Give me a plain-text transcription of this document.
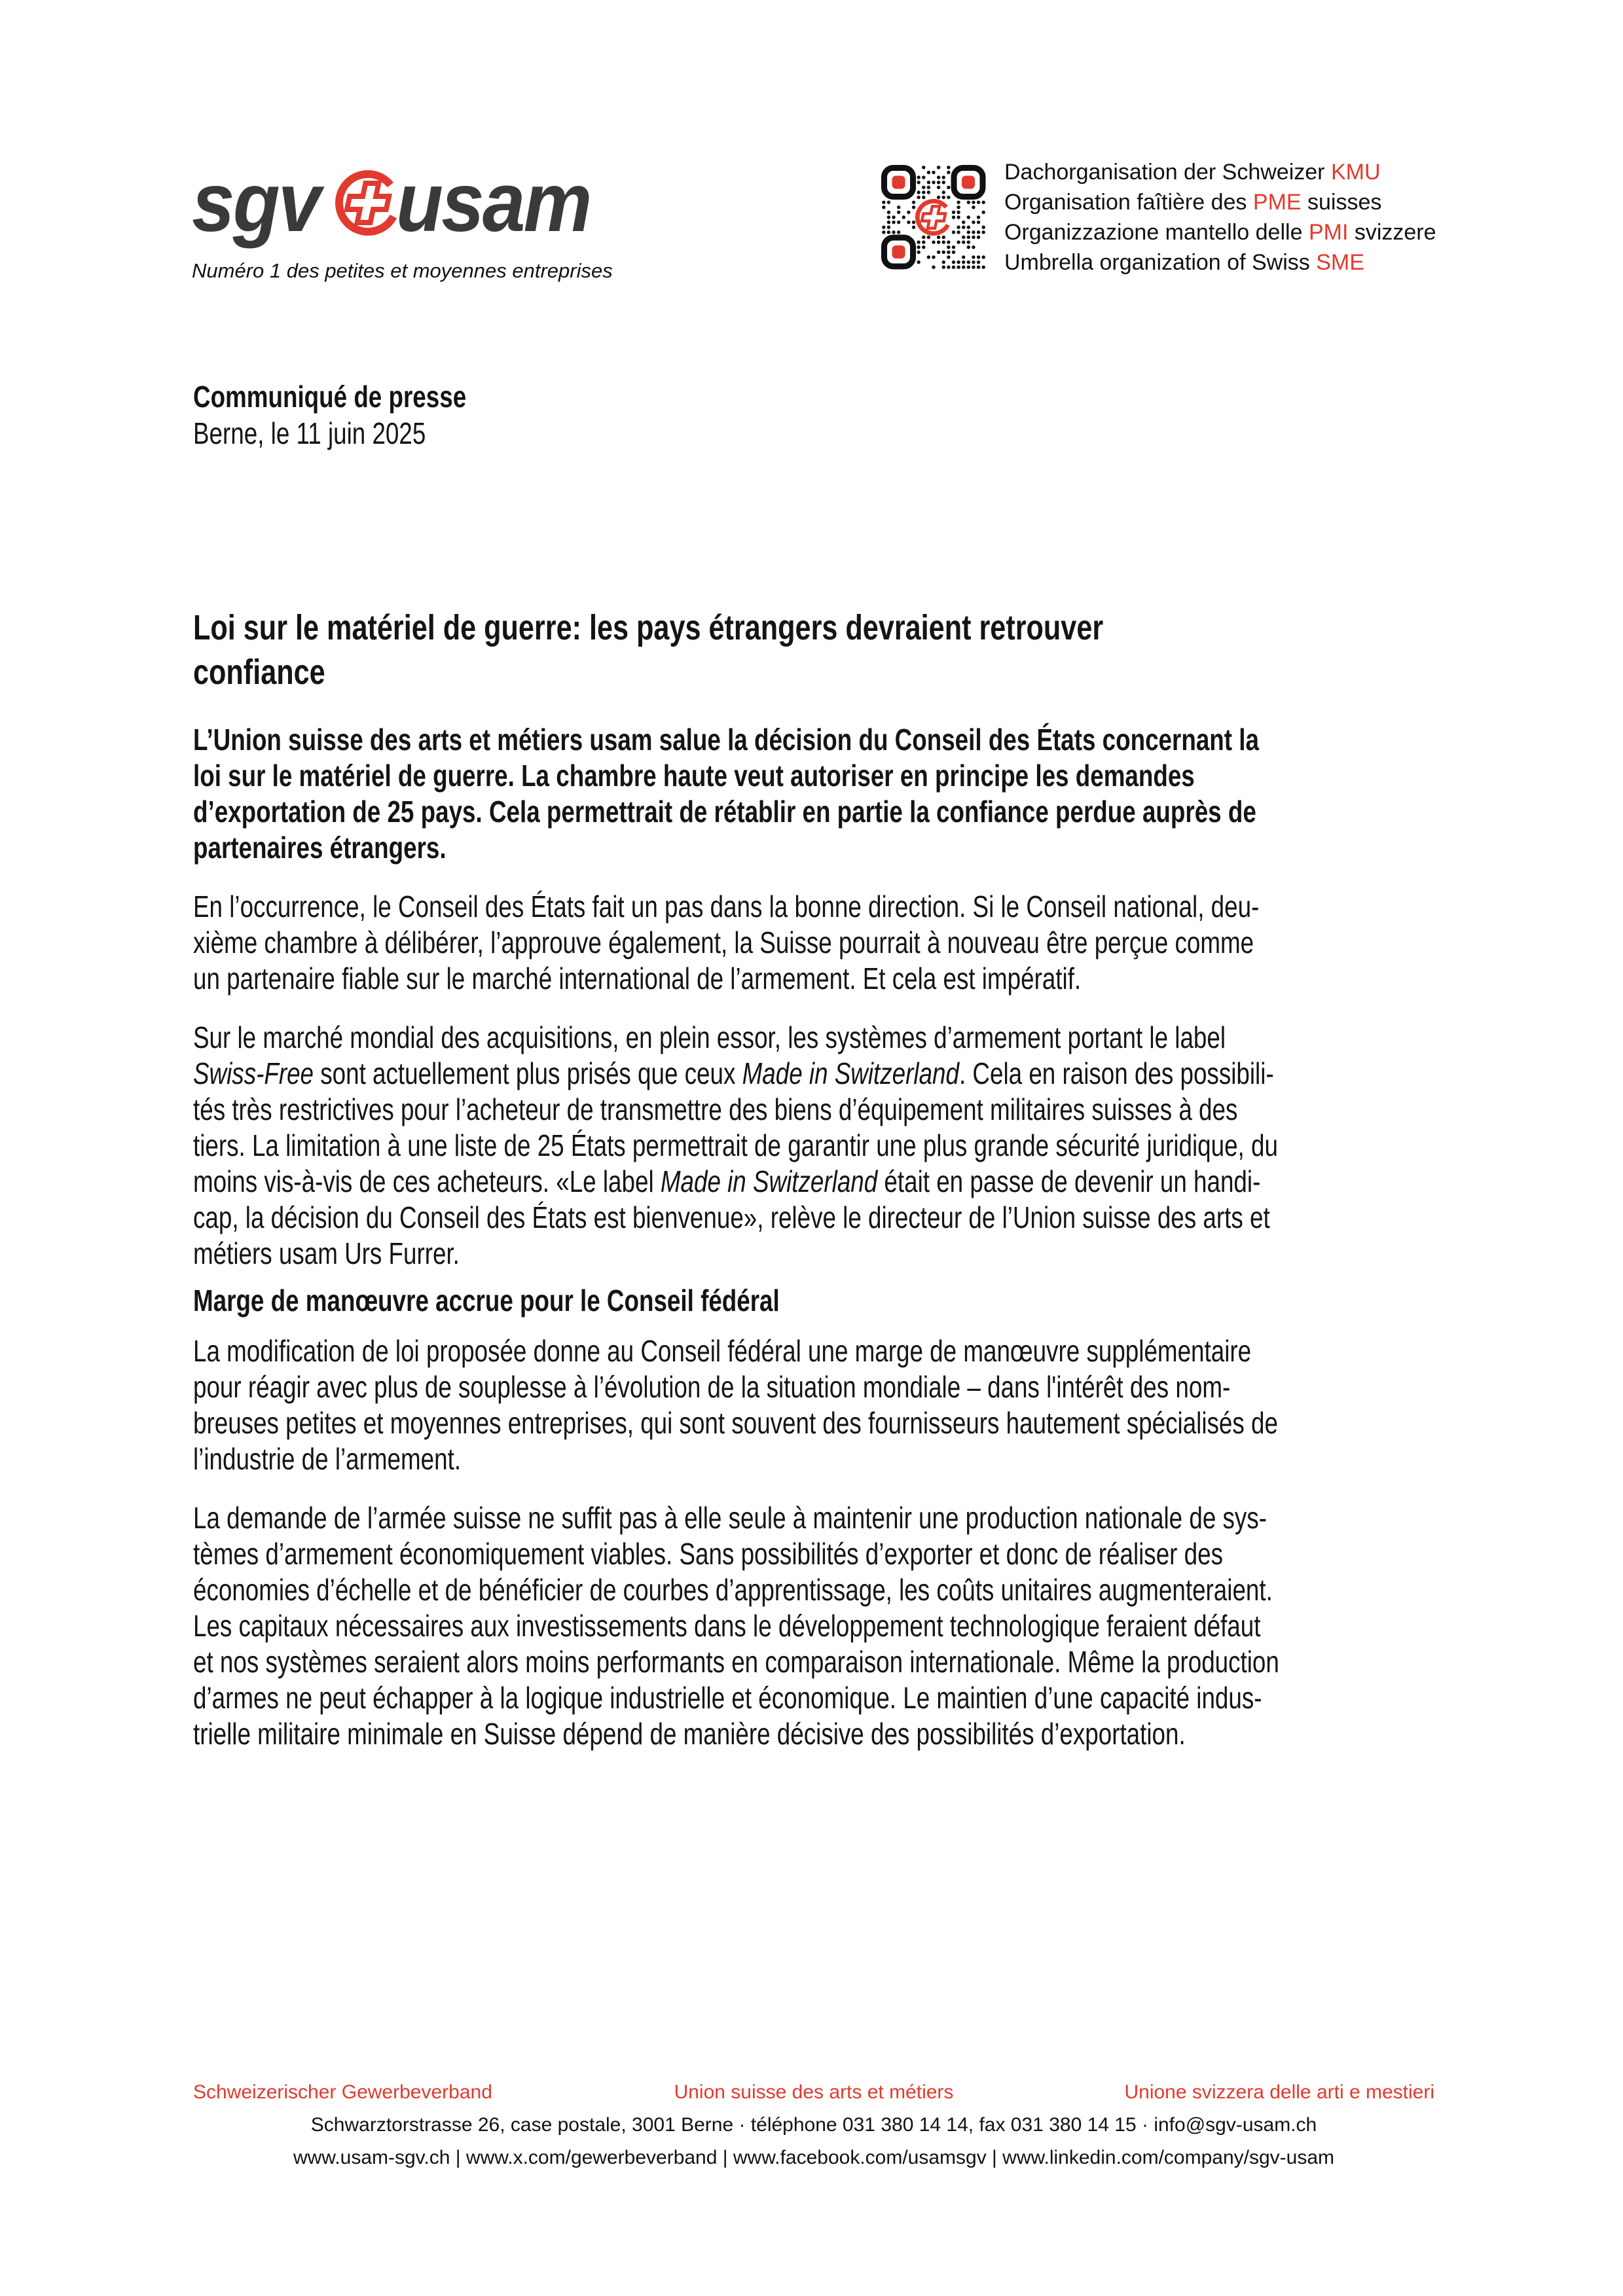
sgv usam
Numéro 1 des petites et moyennes entreprises
Dachorganisation der Schweizer KMU
Organisation faîtière des PME suisses
Organizzazione mantello delle PMI svizzere
Umbrella organization of Swiss SME
Communiqué de presse
Berne, le 11 juin 2025
Loi sur le matériel de guerre: les pays étrangers devraient retrouver
confiance

L’Union suisse des arts et métiers usam salue la décision du Conseil des États concernant la
loi sur le matériel de guerre. La chambre haute veut autoriser en principe les demandes
d’exportation de 25 pays. Cela permettrait de rétablir en partie la confiance perdue auprès de
partenaires étrangers.

En l’occurrence, le Conseil des États fait un pas dans la bonne direction. Si le Conseil national, deu-
xième chambre à délibérer, l’approuve également, la Suisse pourrait à nouveau être perçue comme
un partenaire fiable sur le marché international de l’armement. Et cela est impératif.

Sur le marché mondial des acquisitions, en plein essor, les systèmes d’armement portant le label
Swiss-Free sont actuellement plus prisés que ceux Made in Switzerland. Cela en raison des possibili-
tés très restrictives pour l’acheteur de transmettre des biens d’équipement militaires suisses à des
tiers. La limitation à une liste de 25 États permettrait de garantir une plus grande sécurité juridique, du
moins vis-à-vis de ces acheteurs. «Le label Made in Switzerland était en passe de devenir un handi-
cap, la décision du Conseil des États est bienvenue», relève le directeur de l’Union suisse des arts et
métiers usam Urs Furrer.

Marge de manœuvre accrue pour le Conseil fédéral

La modification de loi proposée donne au Conseil fédéral une marge de manœuvre supplémentaire
pour réagir avec plus de souplesse à l’évolution de la situation mondiale – dans l'intérêt des nom-
breuses petites et moyennes entreprises, qui sont souvent des fournisseurs hautement spécialisés de
l’industrie de l’armement.

La demande de l’armée suisse ne suffit pas à elle seule à maintenir une production nationale de sys-
tèmes d’armement économiquement viables. Sans possibilités d’exporter et donc de réaliser des
économies d’échelle et de bénéficier de courbes d’apprentissage, les coûts unitaires augmenteraient.
Les capitaux nécessaires aux investissements dans le développement technologique feraient défaut
et nos systèmes seraient alors moins performants en comparaison internationale. Même la production
d’armes ne peut échapper à la logique industrielle et économique. Le maintien d’une capacité indus-
trielle militaire minimale en Suisse dépend de manière décisive des possibilités d’exportation.

Schweizerischer Gewerbeverband	Union suisse des arts et métiers	Unione svizzera delle arti e mestieri
Schwarztorstrasse 26, case postale, 3001 Berne · téléphone 031 380 14 14, fax 031 380 14 15 · info@sgv-usam.ch
www.usam-sgv.ch | www.x.com/gewerbeverband | www.facebook.com/usamsgv | www.linkedin.com/company/sgv-usam
